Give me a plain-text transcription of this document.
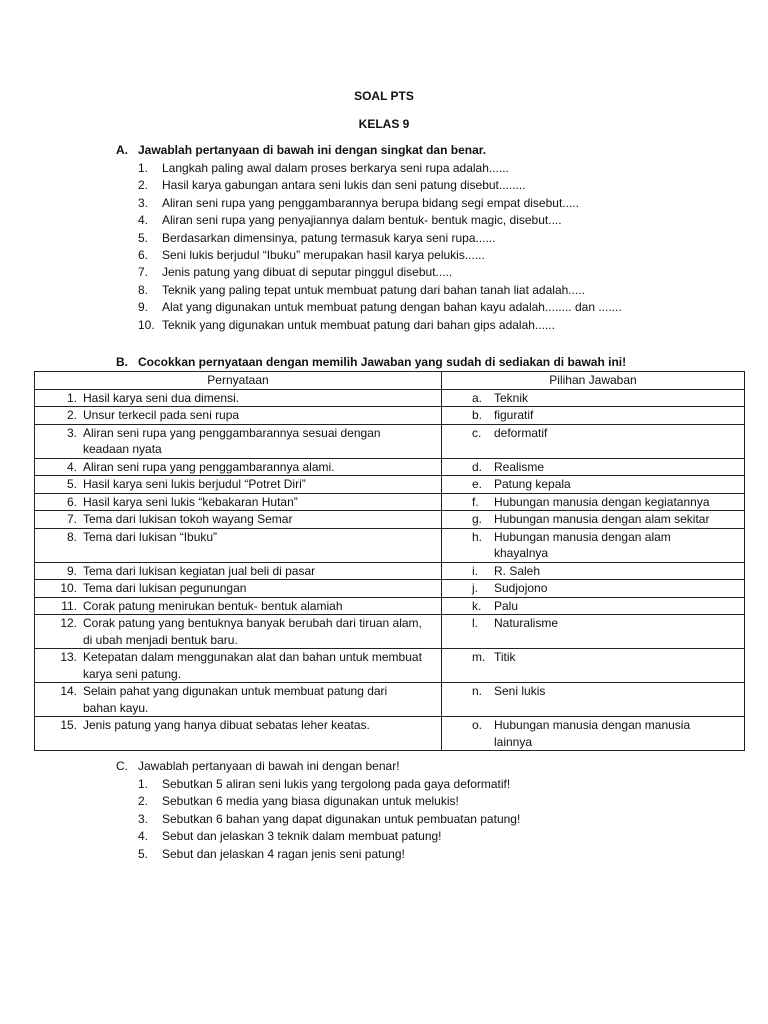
SOAL PTS
KELAS 9
A. Jawablah pertanyaan di bawah ini dengan singkat dan benar.
1.	Langkah paling awal dalam proses berkarya seni rupa adalah......
2.	Hasil karya gabungan antara seni lukis dan seni patung disebut........
3.	Aliran seni rupa yang penggambarannya berupa bidang segi empat disebut.....
4.	Aliran seni rupa yang penyajiannya dalam bentuk- bentuk magic, disebut....
5.	Berdasarkan dimensinya, patung termasuk karya seni rupa......
6.	Seni lukis berjudul “Ibuku” merupakan hasil karya pelukis......
7.	Jenis patung yang dibuat di seputar pinggul disebut.....
8.	Teknik yang paling tepat untuk membuat patung dari bahan tanah liat adalah.....
9.	Alat yang digunakan untuk membuat patung dengan bahan kayu adalah........ dan .......
10. Teknik yang digunakan untuk membuat patung dari bahan gips adalah......
B. Cocokkan pernyataan dengan memilih Jawaban yang sudah di sediakan di bawah ini!
Pernyataan	Pilihan Jawaban
1. Hasil karya seni dua dimensi.	a. Teknik
2. Unsur terkecil pada seni rupa	b. figuratif
3. Aliran seni rupa yang penggambarannya sesuai dengan keadaan nyata	c. deformatif
4. Aliran seni rupa yang penggambarannya alami.	d. Realisme
5. Hasil karya seni lukis berjudul “Potret Diri”	e. Patung kepala
6. Hasil karya seni lukis “kebakaran Hutan”	f. Hubungan manusia dengan kegiatannya
7. Tema dari lukisan tokoh wayang Semar	g. Hubungan manusia dengan alam sekitar
8. Tema dari lukisan “Ibuku”	h. Hubungan manusia dengan alam khayalnya
9. Tema dari lukisan kegiatan jual beli di pasar	i. R. Saleh
10. Tema dari lukisan pegunungan	j. Sudjojono
11. Corak patung menirukan bentuk- bentuk alamiah	k. Palu
12. Corak patung yang bentuknya banyak berubah dari tiruan alam, di ubah menjadi bentuk baru.	l. Naturalisme
13. Ketepatan dalam menggunakan alat dan bahan untuk membuat karya seni patung.	m. Titik
14. Selain pahat yang digunakan untuk membuat patung dari bahan kayu.	n. Seni lukis
15. Jenis patung yang hanya dibuat sebatas leher keatas.	o. Hubungan manusia dengan manusia lainnya
C. Jawablah pertanyaan di bawah ini dengan benar!
1.	Sebutkan 5 aliran seni lukis yang tergolong pada gaya deformatif!
2.	Sebutkan 6 media yang biasa digunakan untuk melukis!
3.	Sebutkan 6 bahan yang dapat digunakan untuk pembuatan patung!
4.	Sebut dan jelaskan 3 teknik dalam membuat patung!
5.	Sebut dan jelaskan 4 ragan jenis seni patung!
